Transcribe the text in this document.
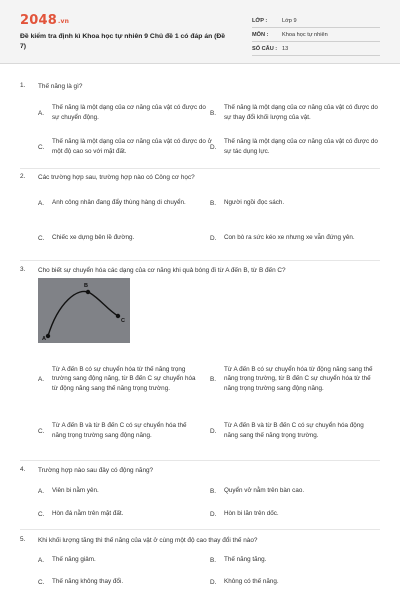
2048.vn
Đề kiểm tra định kì Khoa học tự nhiên 9 Chủ đề 1 có đáp án (Đề 7)
LỚP :	Lớp 9
MÔN :	Khoa học tự nhiên
SỐ CÂU : 13
1. Thế năng là gì?
A.
Thế năng là một dạng của cơ năng của vật có được do sự chuyển động.
B.
Thế năng là một dạng của cơ năng của vật có được do sự thay đổi khối lượng của vật.
C.
Thế năng là một dạng của cơ năng của vật có được do ở một độ cao so với mặt đất.
D.
Thế năng là một dạng của cơ năng của vật có được do sự tác dụng lực.
2. Các trường hợp sau, trường hợp nào có Công cơ học?
A.	Anh công nhân đang đẩy thùng hàng di chuyển.	B.	Người ngồi đọc sách.
C.	Chiếc xe dựng bên lề đường.	D.	Con bò ra sức kéo xe nhưng xe vẫn đứng yên.
3. Cho biết sự chuyển hóa các dạng của cơ năng khi quả bóng đi từ A đến B, từ B đến C?
A
B
C
A.
Từ A đến B có sự chuyển hóa từ thế năng trọng trường sang động năng, từ B đến C sự chuyển hóa từ động năng sang thế năng trọng trường.
B.
Từ A đến B có sự chuyển hóa từ động năng sang thế năng trọng trường, từ B đến C sự chuyển hóa từ thế năng trọng trường sang động năng.
C.
Từ A đến B và từ B đến C có sự chuyển hóa thế năng trọng trường sang động năng.
D.
Từ A đến B và từ B đến C có sự chuyển hóa động năng sang thế năng trọng trường.
4. Trường hợp nào sau đây có động năng?
A.	Viên bi nằm yên.	B.	Quyển vở nằm trên bàn cao.
C.	Hòn đá nằm trên mặt đất.	D.	Hòn bi lăn trên dốc.
5. Khi khối lượng tăng thì thế năng của vật ở cùng một độ cao thay đổi thế nào?
A.	Thế năng giảm.	B.	Thế năng tăng.
C.	Thế năng không thay đổi.	D.	Không có thế năng.
